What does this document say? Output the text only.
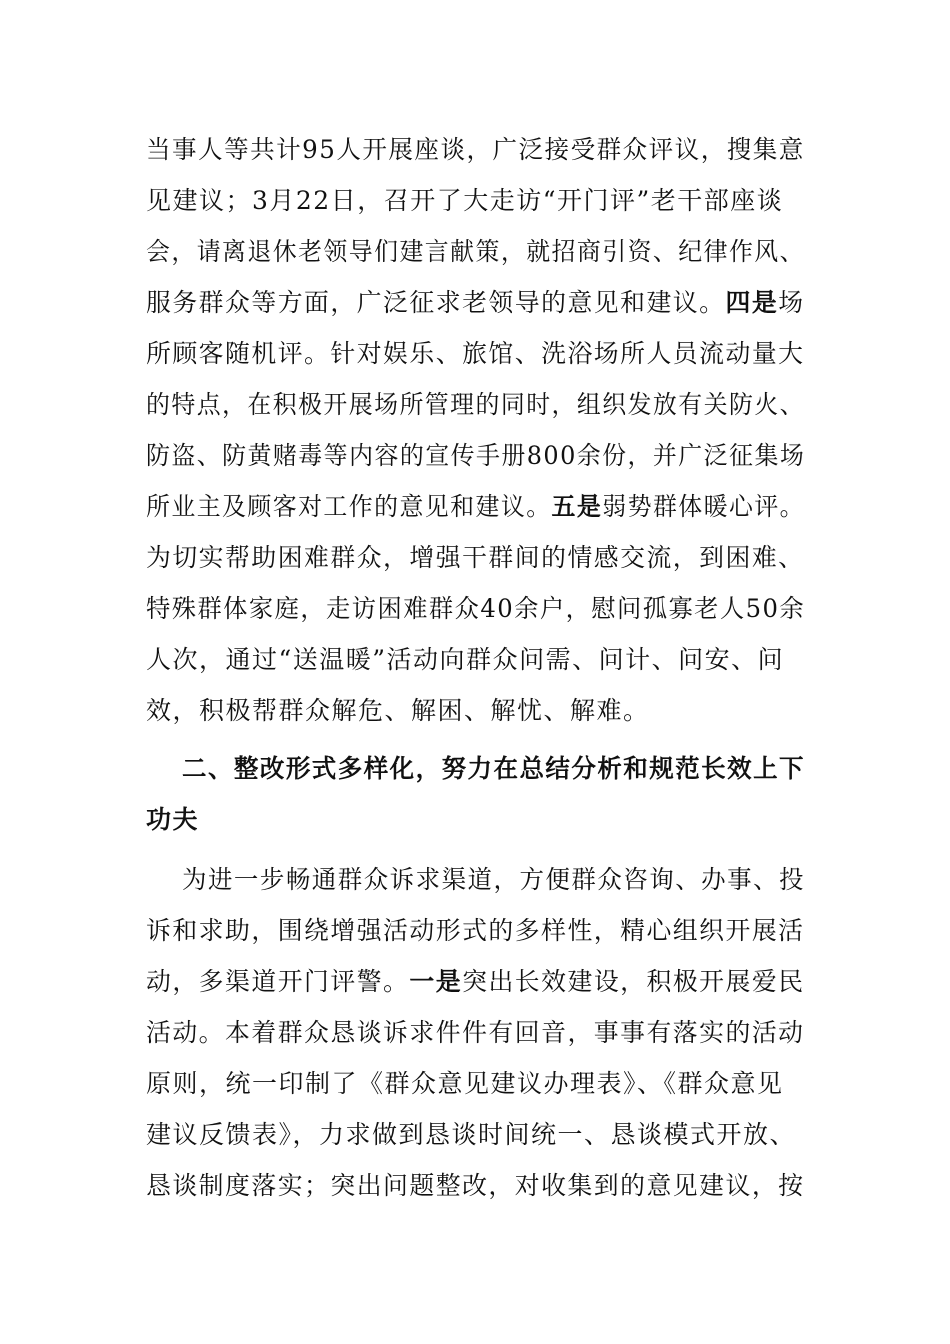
当事人等共计95人开展座谈，广泛接受群众评议，搜集意
见建议；3月22日，召开了大走访“开门评”老干部座谈
会，请离退休老领导们建言献策，就招商引资、纪律作风、
服务群众等方面，广泛征求老领导的意见和建议。四是场
所顾客随机评。针对娱乐、旅馆、洗浴场所人员流动量大
的特点，在积极开展场所管理的同时，组织发放有关防火、
防盗、防黄赌毒等内容的宣传手册800余份，并广泛征集场
所业主及顾客对工作的意见和建议。五是弱势群体暖心评。
为切实帮助困难群众，增强干群间的情感交流，到困难、
特殊群体家庭，走访困难群众40余户，慰问孤寡老人50余
人次，通过“送温暖”活动向群众问需、问计、问安、问
效，积极帮群众解危、解困、解忧、解难。
二、整改形式多样化，努力在总结分析和规范长效上下
功夫
为进一步畅通群众诉求渠道，方便群众咨询、办事、投
诉和求助，围绕增强活动形式的多样性，精心组织开展活
动，多渠道开门评警。一是突出长效建设，积极开展爱民
活动。本着群众恳谈诉求件件有回音，事事有落实的活动
原则，统一印制了《群众意见建议办理表》、《群众意见
建议反馈表》，力求做到恳谈时间统一、恳谈模式开放、
恳谈制度落实；突出问题整改，对收集到的意见建议，按
